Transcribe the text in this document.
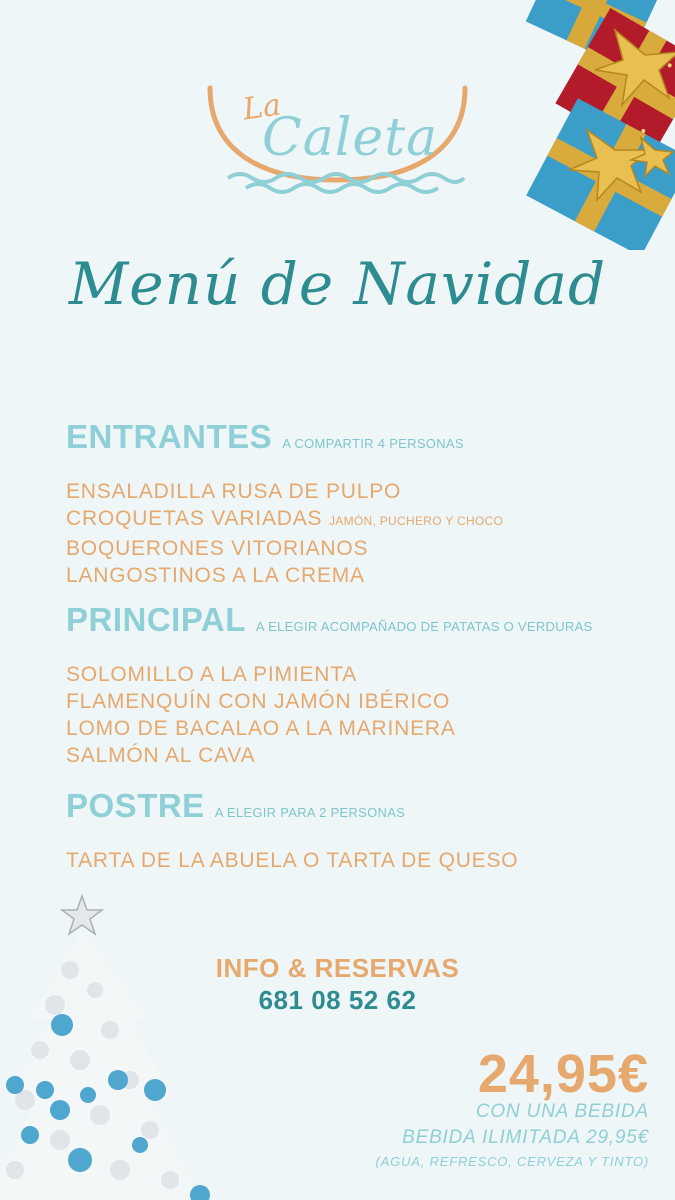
La
Caleta
Menú de Navidad
ENTRANTES A COMPARTIR 4 PERSONAS
ENSALADILLA RUSA DE PULPO
CROQUETAS VARIADAS JAMÓN, PUCHERO Y CHOCO
BOQUERONES VITORIANOS
LANGOSTINOS A LA CREMA
PRINCIPAL A ELEGIR ACOMPAÑADO DE PATATAS O VERDURAS
SOLOMILLO A LA PIMIENTA
FLAMENQUÍN CON JAMÓN IBÉRICO
LOMO DE BACALAO A LA MARINERA
SALMÓN AL CAVA
POSTRE A ELEGIR PARA 2 PERSONAS
TARTA DE LA ABUELA O TARTA DE QUESO
INFO & RESERVAS
681 08 52 62
24,95€
CON UNA BEBIDA
BEBIDA ILIMITADA 29,95€
(AGUA, REFRESCO, CERVEZA Y TINTO)
